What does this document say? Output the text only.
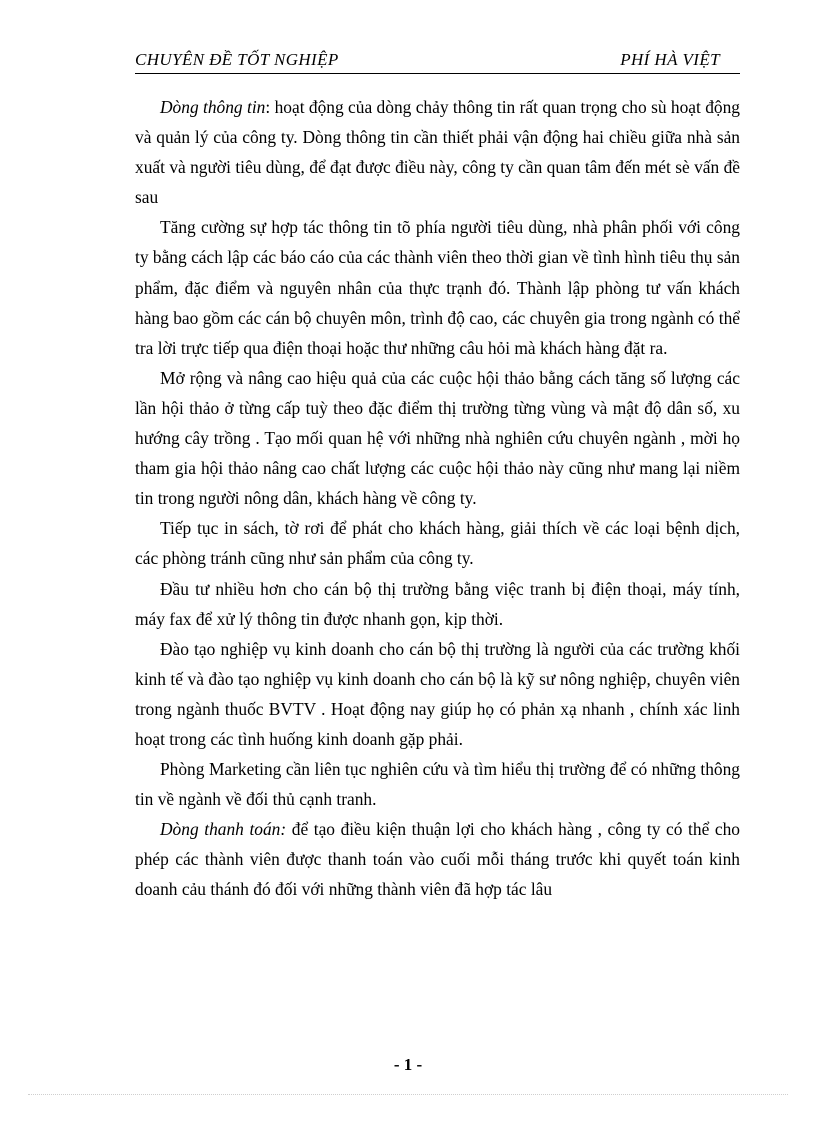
CHUYÊN ĐỀ TỐT NGHIỆP	PHÍ HÀ VIỆT

Dòng thông tin: hoạt động của dòng chảy thông tin rất quan trọng cho sù hoạt động và quản lý của công ty. Dòng thông tin cần thiết phải vận động hai chiều giữa nhà sản xuất và người tiêu dùng, để đạt được điều này, công ty cần quan tâm đến mét sè vấn đề sau

Tăng cường sự hợp tác thông tin tõ phía người tiêu dùng, nhà phân phối với công ty bằng cách lập các báo cáo của các thành viên theo thời gian về tình hình tiêu thụ sản phẩm, đặc điểm và nguyên nhân của thực trạnh đó. Thành lập phòng tư vấn khách hàng bao gồm các cán bộ chuyên môn, trình độ cao, các chuyên gia trong ngành có thể tra lời trực tiếp qua điện thoại hoặc thư những câu hỏi mà khách hàng đặt ra.

Mở rộng và nâng cao hiệu quả của các cuộc hội thảo bằng cách tăng số lượng các lần hội thảo ở từng cấp tuỳ theo đặc điểm thị trường từng vùng và mật độ dân số, xu hướng cây trồng . Tạo mối quan hệ với những nhà nghiên cứu chuyên ngành , mời họ tham gia hội thảo nâng cao chất lượng các cuộc hội thảo này cũng như mang lại niềm tin trong người nông dân, khách hàng về công ty.

Tiếp tục in sách, tờ rơi để phát cho khách hàng, giải thích về các loại bệnh dịch, các phòng tránh cũng như sản phẩm của công ty.

Đầu tư nhiều hơn cho cán bộ thị trường bằng việc tranh bị điện thoại, máy tính, máy fax để xử lý thông tin được nhanh gọn, kịp thời.

Đào tạo nghiệp vụ kinh doanh cho cán bộ thị trường là người của các trường khối kinh tế và đào tạo nghiệp vụ kinh doanh cho cán bộ là kỹ sư nông nghiệp, chuyên viên trong ngành thuốc BVTV . Hoạt động nay giúp họ có phản xạ nhanh , chính xác linh hoạt trong các tình huống kinh doanh gặp phải.

Phòng Marketing cần liên tục nghiên cứu và tìm hiểu thị trường để có những thông tin về ngành về đối thủ cạnh tranh.

Dòng thanh toán: để tạo điều kiện thuận lợi cho khách hàng , công ty có thể cho phép các thành viên được thanh toán vào cuối mỗi tháng trước khi quyết toán kinh doanh cảu thánh đó đối với những thành viên đã hợp tác lâu

- 1 -
